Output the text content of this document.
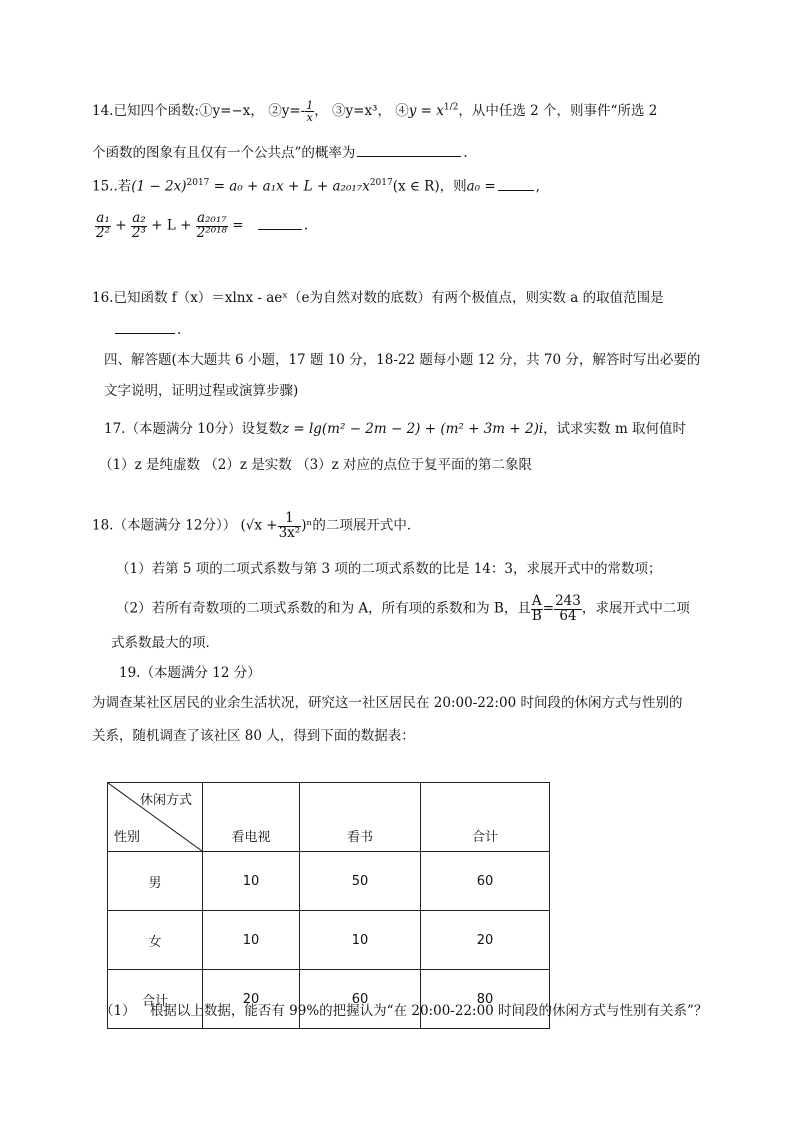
14.已知四个函数:①y=−x， ②y=- $\frac{1}{x}$ ， ③y=x³， ④y = $x^{1/2}$，从中任选 2 个，则事件“所选 2
个函数的图象有且仅有一个公共点”的概率为	.
15..若$(1 - 2x)^{2017} = a_0 + a_1x + L + a_{2017}x^{2017}(x$ ∈ R)，则a₀ =	,
$\frac{\text{a₁}}{\text{2²}} + \frac{\text{a₂}}{\text{2³}} + L + \frac{\text{a₂₀₁₇}}{\text{2²⁰¹⁸}}$ =	.
16.已知函数 f（x）＝xlnx - aeˣ（e为自然对数的底数）有两个极值点，则实数 a 的取值范围是
.
四、解答题(本大题共 6 小题，17 题 10 分，18-22 题每小题 12 分，共 70 分，解答时写出必要的
文字说明，证明过程或演算步骤)
17.（本题满分 10分）设复数z = lg(m² − 2m − 2) + (m² + 3m + 2)i，试求实数 m 取何值时
（1）z 是纯虚数 （2）z 是实数 （3）z 对应的点位于复平面的第二象限
18.（本题满分 12分）） $(√x + \frac{1}{\text{3x²}} )^n$的二项展开式中．
（1）若第 5 项的二项式系数与第 3 项的二项式系数的比是 14：3，求展开式中的常数项；
（2）若所有奇数项的二项式系数的和为 A，所有项的系数和为 B，且 $\frac{A}{B} = \frac{243}{64}$ ，求展开式中二项
式系数最大的项．
19.（本题满分 12 分）
为调查某社区居民的业余生活状况，研究这一社区居民在 20:00-22:00 时间段的休闲方式与性别的
关系，随机调查了该社区 80 人，得到下面的数据表：
休闲方式
性别	看电视	看书	合计
男	10	50	60
女	10	10	20
合计	20	60	80
（1） 根据以上数据，能否有 99%的把握认为“在 20:00-22:00 时间段的休闲方式与性别有关系”？
